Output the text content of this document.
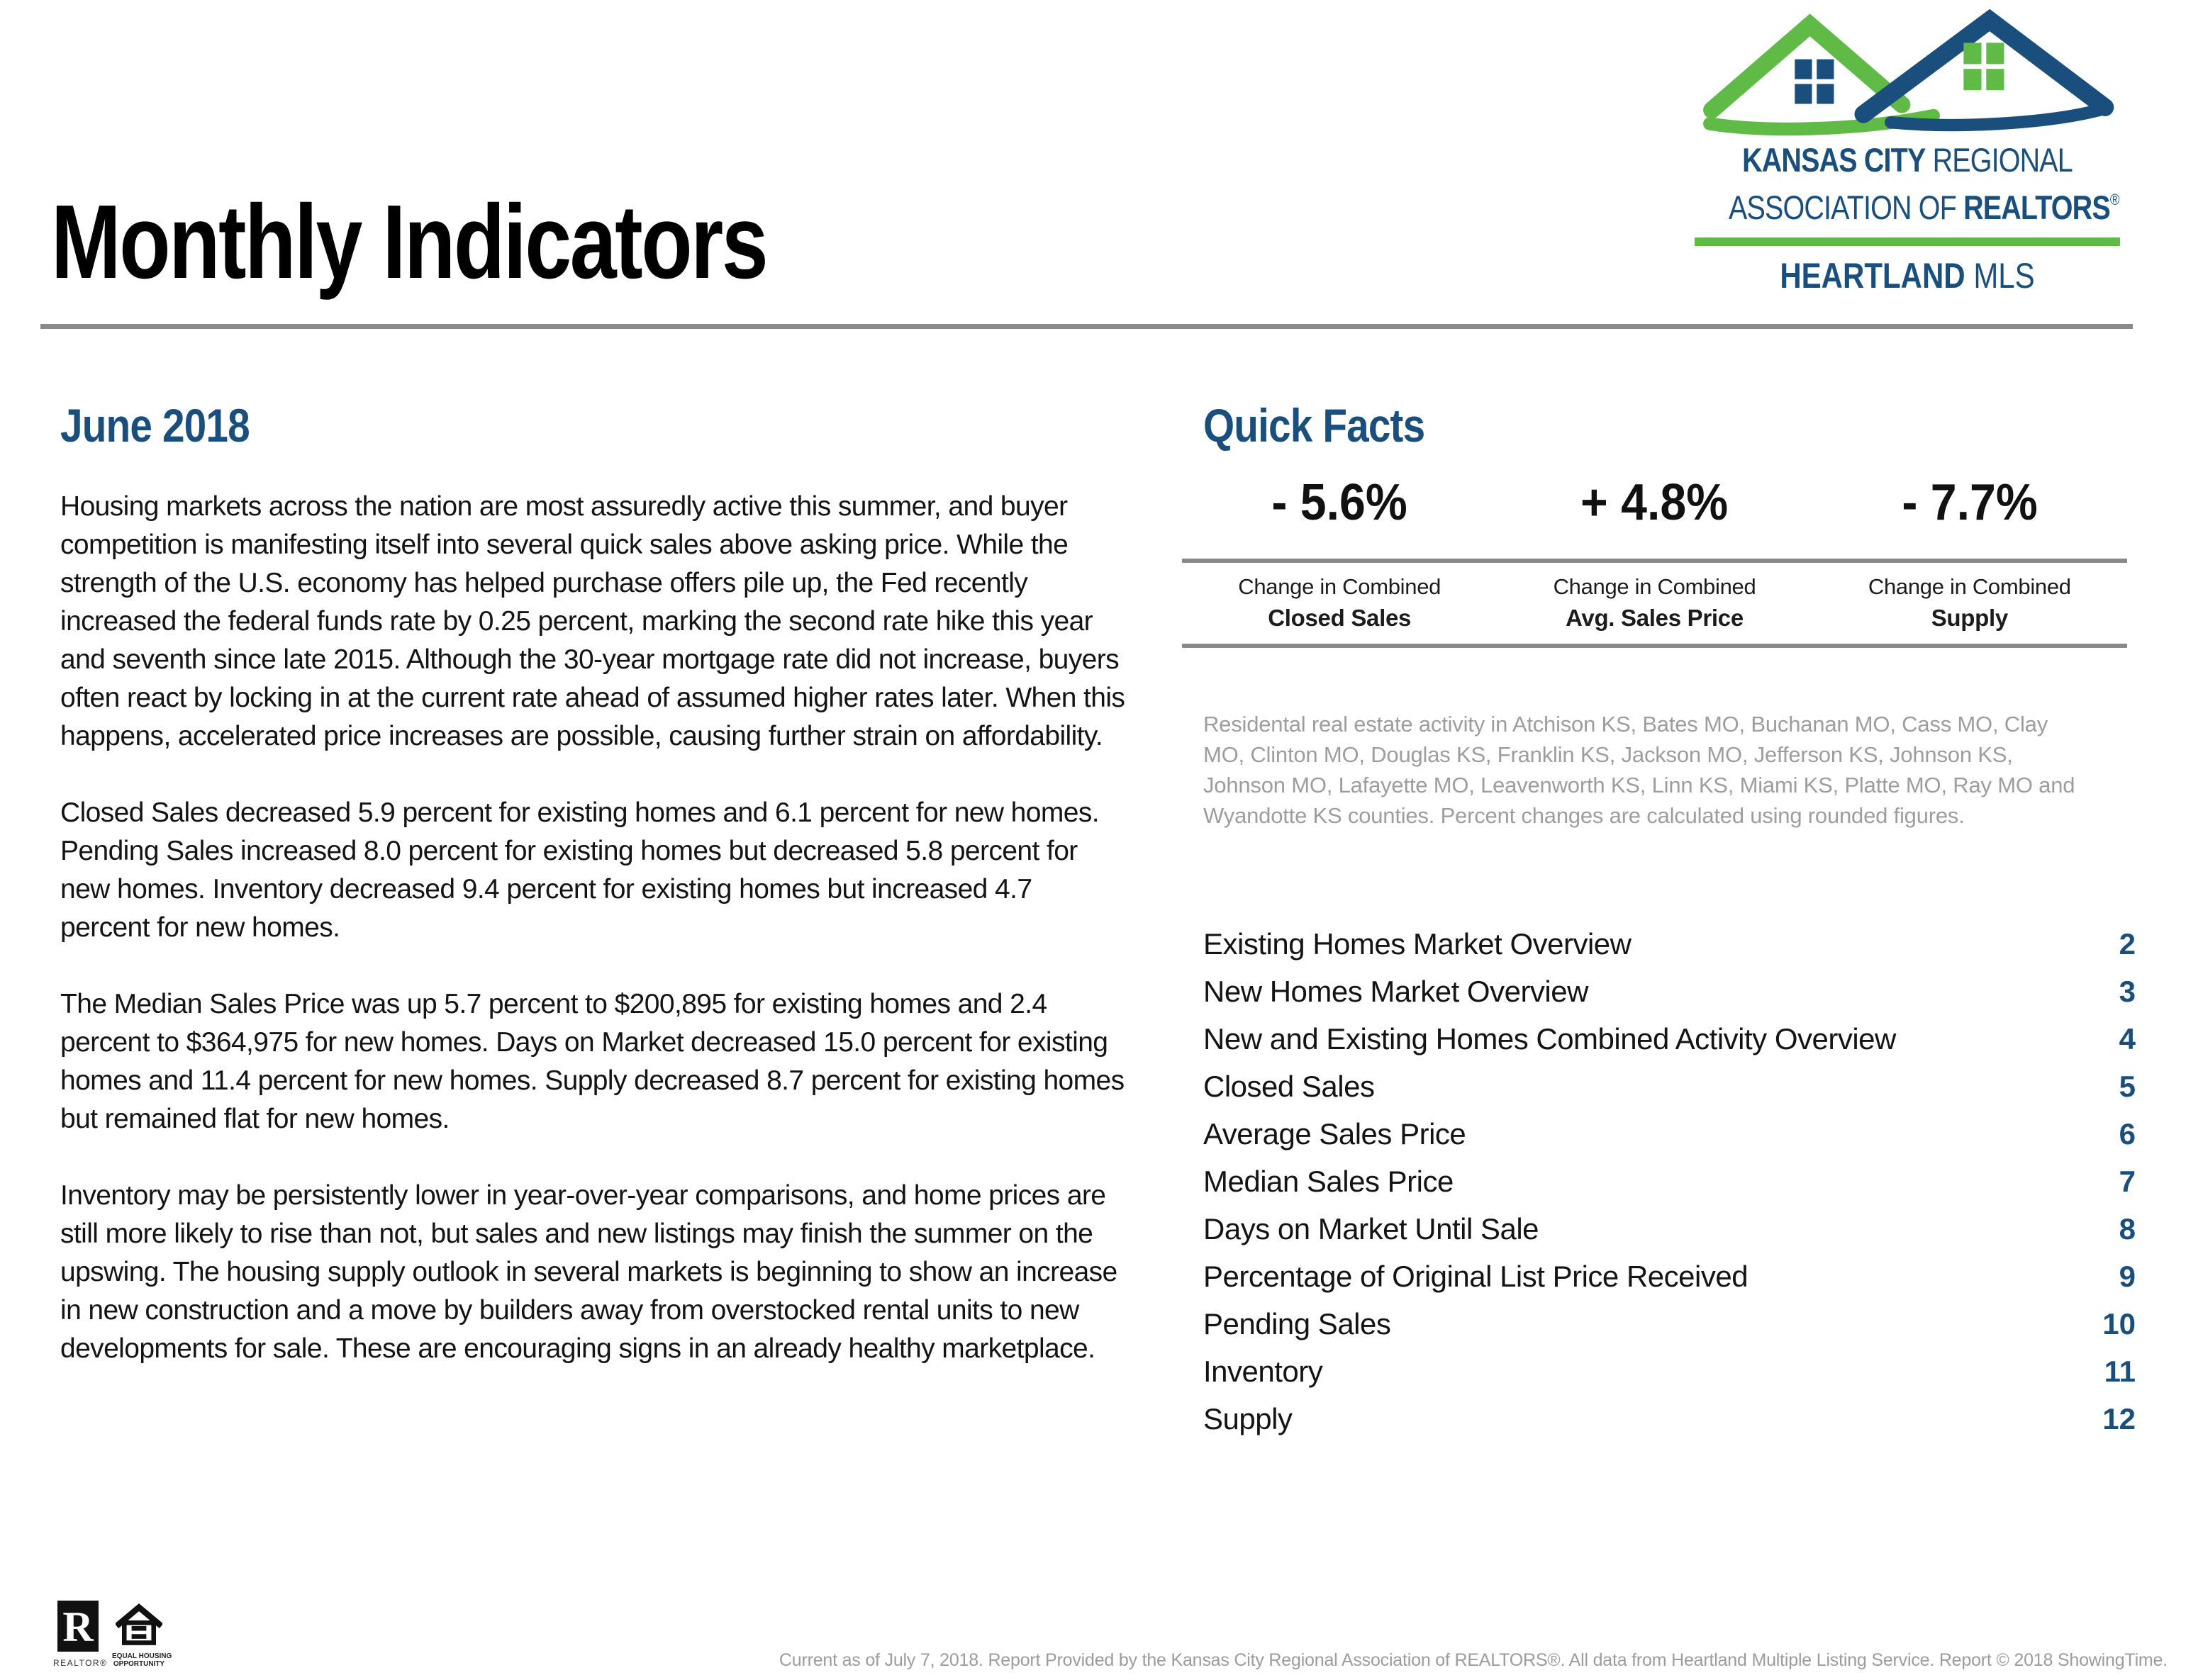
Monthly Indicators
KANSAS CITY REGIONAL
ASSOCIATION OF REALTORS®
HEARTLAND MLS
June 2018

Housing markets across the nation are most assuredly active this summer, and buyer competition is manifesting itself into several quick sales above asking price. While the strength of the U.S. economy has helped purchase offers pile up, the Fed recently increased the federal funds rate by 0.25 percent, marking the second rate hike this year and seventh since late 2015. Although the 30-year mortgage rate did not increase, buyers often react by locking in at the current rate ahead of assumed higher rates later. When this happens, accelerated price increases are possible, causing further strain on affordability.

Closed Sales decreased 5.9 percent for existing homes and 6.1 percent for new homes. Pending Sales increased 8.0 percent for existing homes but decreased 5.8 percent for new homes. Inventory decreased 9.4 percent for existing homes but increased 4.7 percent for new homes.

The Median Sales Price was up 5.7 percent to $200,895 for existing homes and 2.4 percent to $364,975 for new homes. Days on Market decreased 15.0 percent for existing homes and 11.4 percent for new homes. Supply decreased 8.7 percent for existing homes but remained flat for new homes.

Inventory may be persistently lower in year-over-year comparisons, and home prices are still more likely to rise than not, but sales and new listings may finish the summer on the upswing. The housing supply outlook in several markets is beginning to show an increase in new construction and a move by builders away from overstocked rental units to new developments for sale. These are encouraging signs in an already healthy marketplace.

Quick Facts
- 5.6%	+ 4.8%	- 7.7%
Change in Combined
Closed Sales
Change in Combined
Avg. Sales Price
Change in Combined
Supply
Residental real estate activity in Atchison KS, Bates MO, Buchanan MO, Cass MO, Clay MO, Clinton MO, Douglas KS, Franklin KS, Jackson MO, Jefferson KS, Johnson KS, Johnson MO, Lafayette MO, Leavenworth KS, Linn KS, Miami KS, Platte MO, Ray MO and Wyandotte KS counties. Percent changes are calculated using rounded figures.
Existing Homes Market Overview	2
New Homes Market Overview	3
New and Existing Homes Combined Activity Overview	4
Closed Sales	5
Average Sales Price	6
Median Sales Price	7
Days on Market Until Sale	8
Percentage of Original List Price Received	9
Pending Sales	10
Inventory	11
Supply	12
R
REALTOR®
EQUAL HOUSING
OPPORTUNITY	Current as of July 7, 2018. Report Provided by the Kansas City Regional Association of REALTORS®. All data from Heartland Multiple Listing Service. Report © 2018 ShowingTime.
